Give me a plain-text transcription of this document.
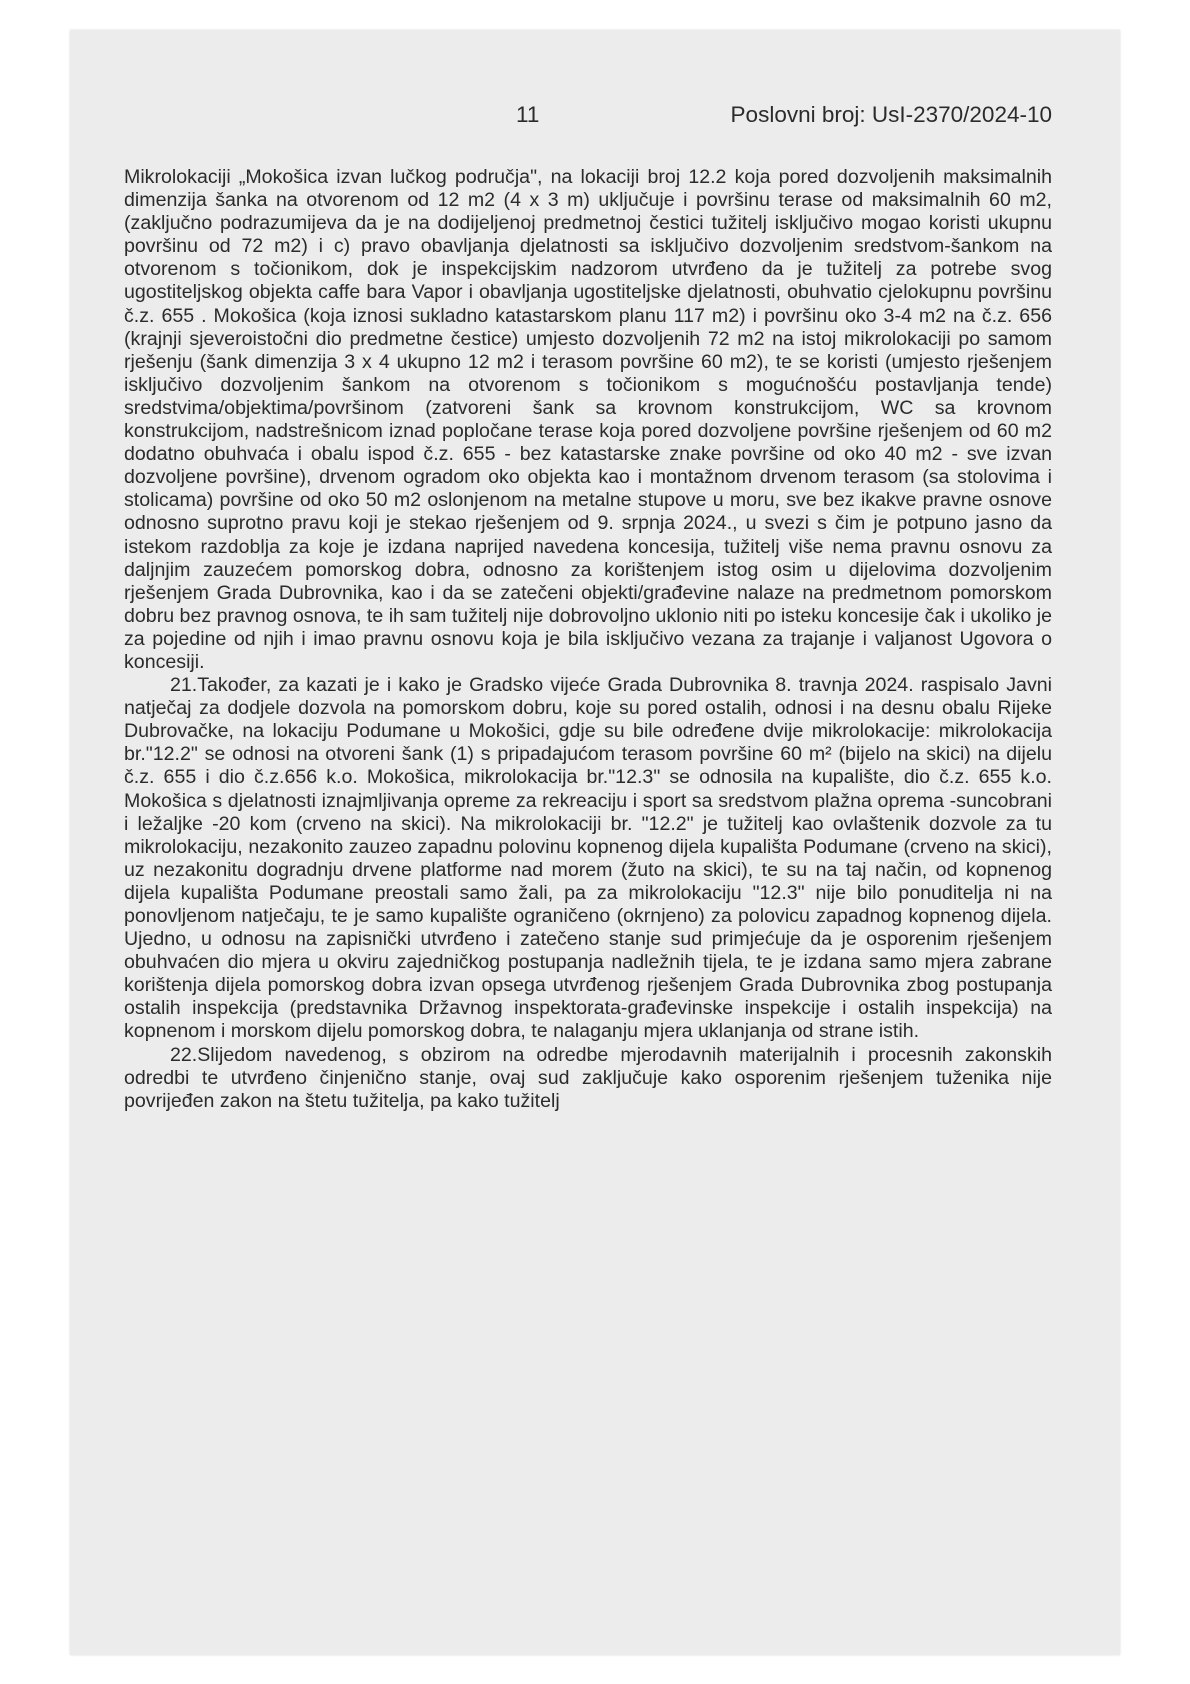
11	Poslovni broj: UsI-2370/2024-10

Mikrolokaciji „Mokošica izvan lučkog područja", na lokaciji broj 12.2 koja pored dozvoljenih maksimalnih dimenzija šanka na otvorenom od 12 m2 (4 x 3 m) uključuje i površinu terase od maksimalnih 60 m2, (zaključno podrazumijeva da je na dodijeljenoj predmetnoj čestici tužitelj isključivo mogao koristi ukupnu površinu od 72 m2) i c) pravo obavljanja djelatnosti sa isključivo dozvoljenim sredstvom-šankom na otvorenom s točionikom, dok je inspekcijskim nadzorom utvrđeno da je tužitelj za potrebe svog ugostiteljskog objekta caffe bara Vapor i obavljanja ugostiteljske djelatnosti, obuhvatio cjelokupnu površinu č.z. 655 . Mokošica (koja iznosi sukladno katastarskom planu 117 m2) i površinu oko 3-4 m2 na č.z. 656 (krajnji sjeveroistočni dio predmetne čestice) umjesto dozvoljenih 72 m2 na istoj mikrolokaciji po samom rješenju (šank dimenzija 3 x 4 ukupno 12 m2 i terasom površine 60 m2), te se koristi (umjesto rješenjem isključivo dozvoljenim šankom na otvorenom s točionikom s mogućnošću postavljanja tende) sredstvima/objektima/površinom (zatvoreni šank sa krovnom konstrukcijom, WC sa krovnom konstrukcijom, nadstrešnicom iznad popločane terase koja pored dozvoljene površine rješenjem od 60 m2 dodatno obuhvaća i obalu ispod č.z. 655 - bez katastarske znake površine od oko 40 m2 - sve izvan dozvoljene površine), drvenom ogradom oko objekta kao i montažnom drvenom terasom (sa stolovima i stolicama) površine od oko 50 m2 oslonjenom na metalne stupove u moru, sve bez ikakve pravne osnove odnosno suprotno pravu koji je stekao rješenjem od 9. srpnja 2024., u svezi s čim je potpuno jasno da istekom razdoblja za koje je izdana naprijed navedena koncesija, tužitelj više nema pravnu osnovu za daljnjim zauzećem pomorskog dobra, odnosno za korištenjem istog osim u dijelovima dozvoljenim rješenjem Grada Dubrovnika, kao i da se zatečeni objekti/građevine nalaze na predmetnom pomorskom dobru bez pravnog osnova, te ih sam tužitelj nije dobrovoljno uklonio niti po isteku koncesije čak i ukoliko je za pojedine od njih i imao pravnu osnovu koja je bila isključivo vezana za trajanje i valjanost Ugovora o koncesiji.

21.Također, za kazati je i kako je Gradsko vijeće Grada Dubrovnika 8. travnja 2024. raspisalo Javni natječaj za dodjele dozvola na pomorskom dobru, koje su pored ostalih, odnosi i na desnu obalu Rijeke Dubrovačke, na lokaciju Podumane u Mokošici, gdje su bile određene dvije mikrolokacije: mikrolokacija br."12.2" se odnosi na otvoreni šank (1) s pripadajućom terasom površine 60 m² (bijelo na skici) na dijelu č.z. 655 i dio č.z.656 k.o. Mokošica, mikrolokacija br."12.3" se odnosila na kupalište, dio č.z. 655 k.o. Mokošica s djelatnosti iznajmljivanja opreme za rekreaciju i sport sa sredstvom plažna oprema -suncobrani i ležaljke -20 kom (crveno na skici). Na mikrolokaciji br. "12.2" je tužitelj kao ovlaštenik dozvole za tu mikrolokaciju, nezakonito zauzeo zapadnu polovinu kopnenog dijela kupališta Podumane (crveno na skici), uz nezakonitu dogradnju drvene platforme nad morem (žuto na skici), te su na taj način, od kopnenog dijela kupališta Podumane preostali samo žali, pa za mikrolokaciju "12.3" nije bilo ponuditelja ni na ponovljenom natječaju, te je samo kupalište ograničeno (okrnjeno) za polovicu zapadnog kopnenog dijela. Ujedno, u odnosu na zapisnički utvrđeno i zatečeno stanje sud primjećuje da je osporenim rješenjem obuhvaćen dio mjera u okviru zajedničkog postupanja nadležnih tijela, te je izdana samo mjera zabrane korištenja dijela pomorskog dobra izvan opsega utvrđenog rješenjem Grada Dubrovnika zbog postupanja ostalih inspekcija (predstavnika Državnog inspektorata-građevinske inspekcije i ostalih inspekcija) na kopnenom i morskom dijelu pomorskog dobra, te nalaganju mjera uklanjanja od strane istih.

22.Slijedom navedenog, s obzirom na odredbe mjerodavnih materijalnih i procesnih zakonskih odredbi te utvrđeno činjenično stanje, ovaj sud zaključuje kako osporenim rješenjem tuženika nije povrijeđen zakon na štetu tužitelja, pa kako tužitelj
